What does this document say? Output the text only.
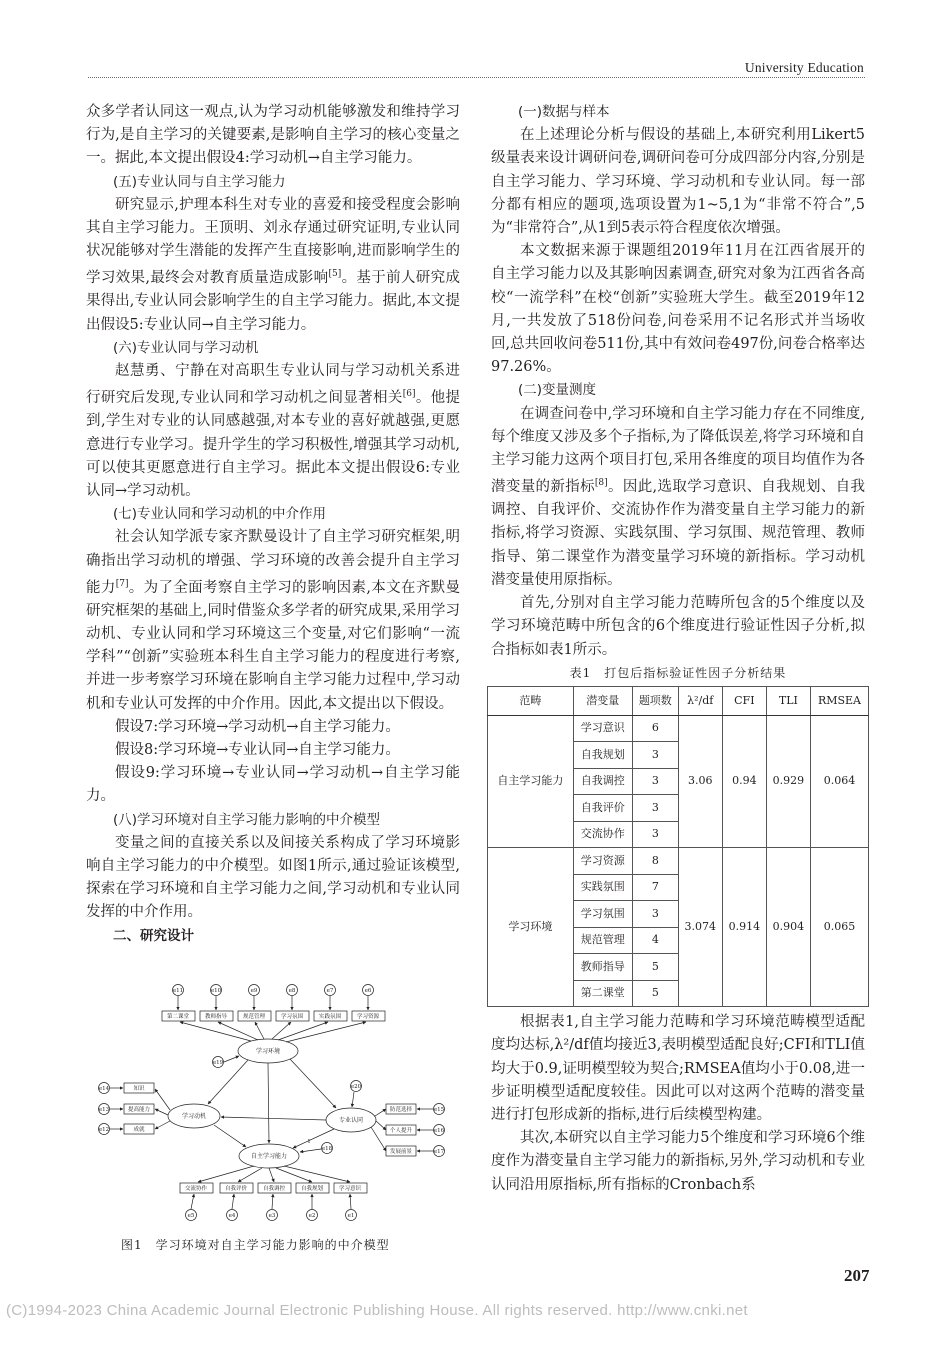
University Education

众多学者认同这一观点,认为学习动机能够激发和维持学习行为,是自主学习的关键要素,是影响自主学习的核心变量之一。据此,本文提出假设4:学习动机→自主学习能力。

(五)专业认同与自主学习能力

研究显示,护理本科生对专业的喜爱和接受程度会影响其自主学习能力。王顶明、刘永存通过研究证明,专业认同状况能够对学生潜能的发挥产生直接影响,进而影响学生的学习效果,最终会对教育质量造成影响[5]。基于前人研究成果得出,专业认同会影响学生的自主学习能力。据此,本文提出假设5:专业认同→自主学习能力。

(六)专业认同与学习动机

赵慧勇、宁静在对高职生专业认同与学习动机关系进行研究后发现,专业认同和学习动机之间显著相关[6]。他提到,学生对专业的认同感越强,对本专业的喜好就越强,更愿意进行专业学习。提升学生的学习积极性,增强其学习动机,可以使其更愿意进行自主学习。据此本文提出假设6:专业认同→学习动机。

(七)专业认同和学习动机的中介作用

社会认知学派专家齐默曼设计了自主学习研究框架,明确指出学习动机的增强、学习环境的改善会提升自主学习能力[7]。为了全面考察自主学习的影响因素,本文在齐默曼研究框架的基础上,同时借鉴众多学者的研究成果,采用学习动机、专业认同和学习环境这三个变量,对它们影响“一流学科”“创新”实验班本科生自主学习能力的程度进行考察,并进一步考察学习环境在影响自主学习能力过程中,学习动机和专业认可发挥的中介作用。因此,本文提出以下假设。

假设7:学习环境→学习动机→自主学习能力。

假设8:学习环境→专业认同→自主学习能力。

假设9:学习环境→专业认同→学习动机→自主学习能力。

(八)学习环境对自主学习能力影响的中介模型

变量之间的直接关系以及间接关系构成了学习环境影响自主学习能力的中介模型。如图1所示,通过验证该模型,探索在学习环境和自主学习能力之间,学习动机和专业认同发挥的中介作用。

二、研究设计

e11	e10	e9	e8	e7	e6
第二课堂	教师指导	规范管理	学习氛围	实践氛围	学习资源
学习环境
e19
学习动机
专业认同
e20
自主学习能力
e18
防范选择
个人提升
发展前景
e15
e16
e17
知识
提高能力
成就
e14
e13
e12
交流协作	自我评价	自我调控	自我规划	学习意识
e5	e4	e3	e2	e1
1
图1　学习环境对自主学习能力影响的中介模型

(一)数据与样本

在上述理论分析与假设的基础上,本研究利用Likert5级量表来设计调研问卷,调研问卷可分成四部分内容,分别是自主学习能力、学习环境、学习动机和专业认同。每一部分都有相应的题项,选项设置为1~5,1为“非常不符合”,5为“非常符合”,从1到5表示符合程度依次增强。

本文数据来源于课题组2019年11月在江西省展开的自主学习能力以及其影响因素调查,研究对象为江西省各高校“一流学科”在校“创新”实验班大学生。截至2019年12月,一共发放了518份问卷,问卷采用不记名形式并当场收回,总共回收问卷511份,其中有效问卷497份,问卷合格率达97.26%。

(二)变量测度

在调查问卷中,学习环境和自主学习能力存在不同维度,每个维度又涉及多个子指标,为了降低误差,将学习环境和自主学习能力这两个项目打包,采用各维度的项目均值作为各潜变量的新指标[8]。因此,选取学习意识、自我规划、自我调控、自我评价、交流协作作为潜变量自主学习能力的新指标,将学习资源、实践氛围、学习氛围、规范管理、教师指导、第二课堂作为潜变量学习环境的新指标。学习动机潜变量使用原指标。

首先,分别对自主学习能力范畴所包含的5个维度以及学习环境范畴中所包含的6个维度进行验证性因子分析,拟合指标如表1所示。

表1　打包后指标验证性因子分析结果
范畴	潜变量	题项数	λ²/df	CFI	TLI	RMSEA
自主学习能力	学习意识	6	3.06	0.94	0.929	0.064
	自我规划	3				
	自我调控	3				
	自我评价	3				
	交流协作	3				
学习环境	学习资源	8	3.074	0.914	0.904	0.065
	实践氛围	7				
	学习氛围	3				
	规范管理	4				
	教师指导	5				
	第二课堂	5				

根据表1,自主学习能力范畴和学习环境范畴模型适配度均达标,λ²/df值均接近3,表明模型适配良好;CFI和TLI值均大于0.9,证明模型较为契合;RMSEA值均小于0.08,进一步证明模型适配度较佳。因此可以对这两个范畴的潜变量进行打包形成新的指标,进行后续模型构建。

其次,本研究以自主学习能力5个维度和学习环境6个维度作为潜变量自主学习能力的新指标,另外,学习动机和专业认同沿用原指标,所有指标的Cronbach系

207
(C)1994-2023 China Academic Journal Electronic Publishing House. All rights reserved. http://www.cnki.net
